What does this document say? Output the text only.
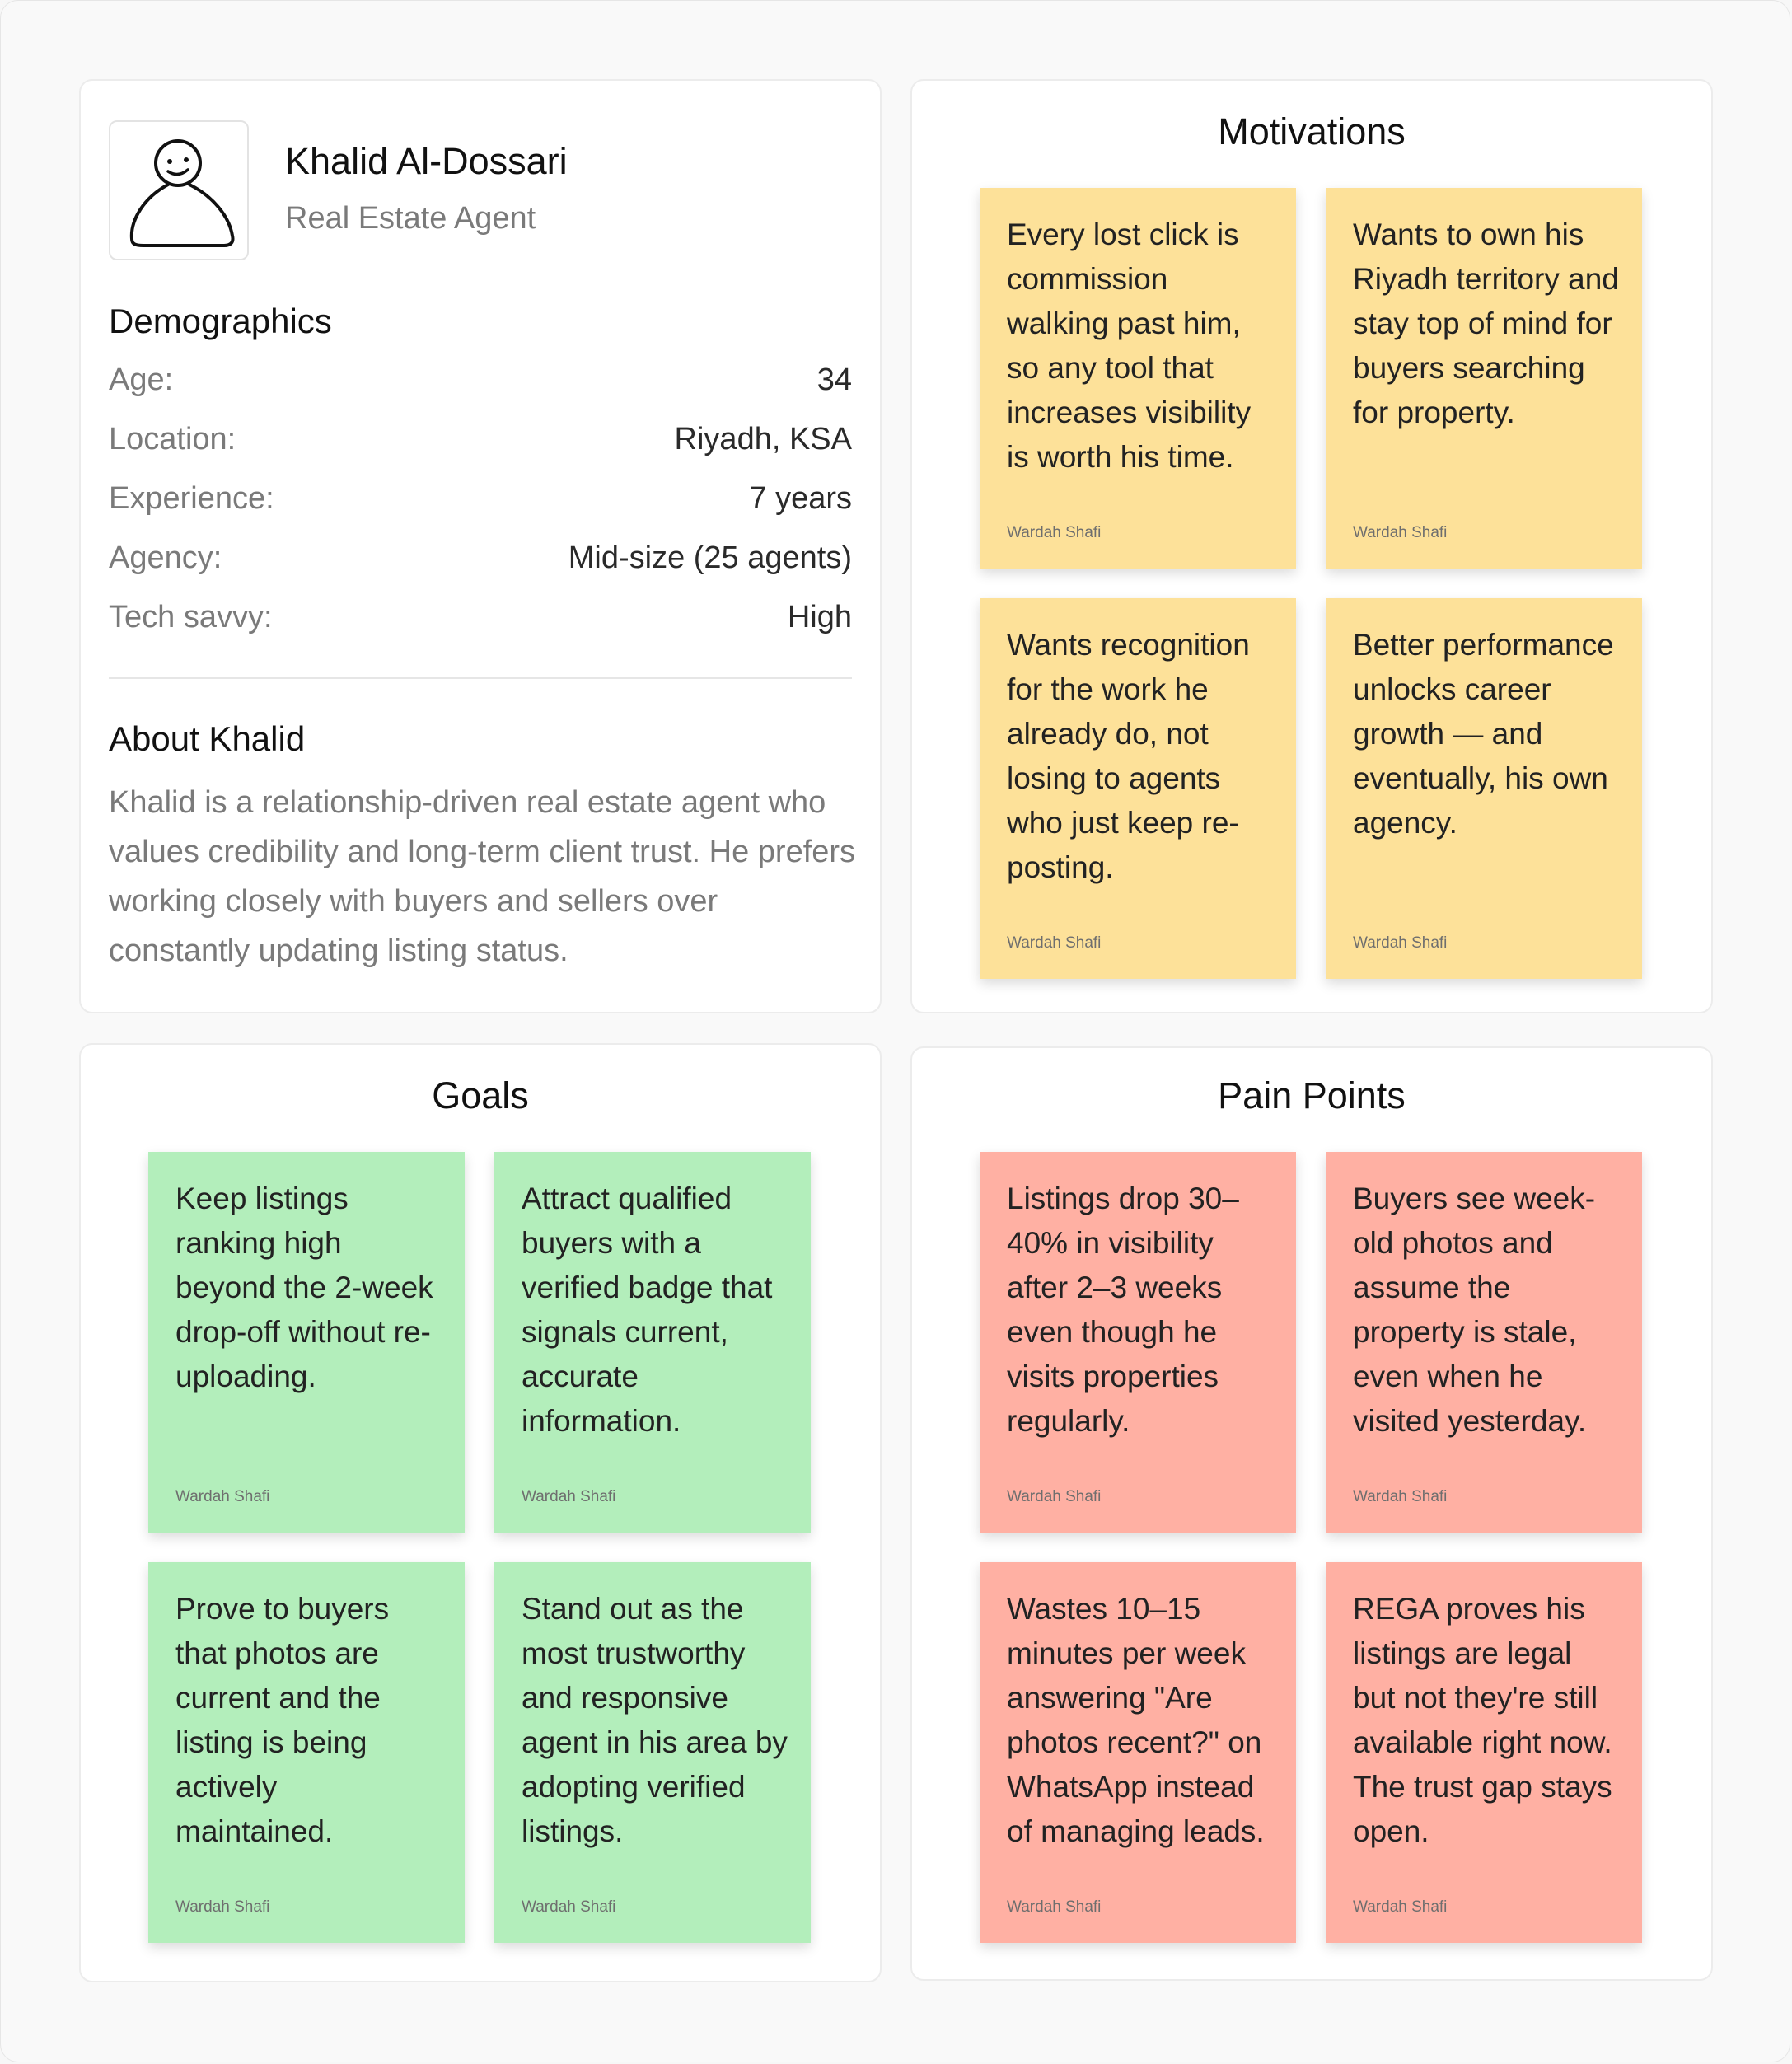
Khalid Al-Dossari
Real Estate Agent
Demographics
Age:	34
Location:	Riyadh, KSA
Experience:	7 years
Agency:	Mid-size (25 agents)
Tech savvy:	High
About Khalid
Khalid is a relationship-driven real estate agent who values credibility and long-term client trust. He prefers working closely with buyers and sellers over constantly updating listing status.
Motivations
Every lost click is commission walking past him, so any tool that increases visibility is worth his time.
Wardah Shafi
Wants to own his Riyadh territory and stay top of mind for buyers searching for property.
Wardah Shafi
Wants recognition for the work he already do, not losing to agents who just keep re-posting.
Wardah Shafi
Better performance unlocks career growth — and eventually, his own agency.
Wardah Shafi
Goals
Keep listings ranking high beyond the 2-week drop-off without re-uploading.
Wardah Shafi
Attract qualified buyers with a verified badge that signals current, accurate information.
Wardah Shafi
Prove to buyers that photos are current and the listing is being actively maintained.
Wardah Shafi
Stand out as the most trustworthy and responsive agent in his area by adopting verified listings.
Wardah Shafi
Pain Points
Listings drop 30–40% in visibility after 2–3 weeks even though he visits properties regularly.
Wardah Shafi
Buyers see week-old photos and assume the property is stale, even when he visited yesterday.
Wardah Shafi
Wastes 10–15 minutes per week answering "Are photos recent?" on WhatsApp instead of managing leads.
Wardah Shafi
REGA proves his listings are legal but not they're still available right now. The trust gap stays open.
Wardah Shafi
